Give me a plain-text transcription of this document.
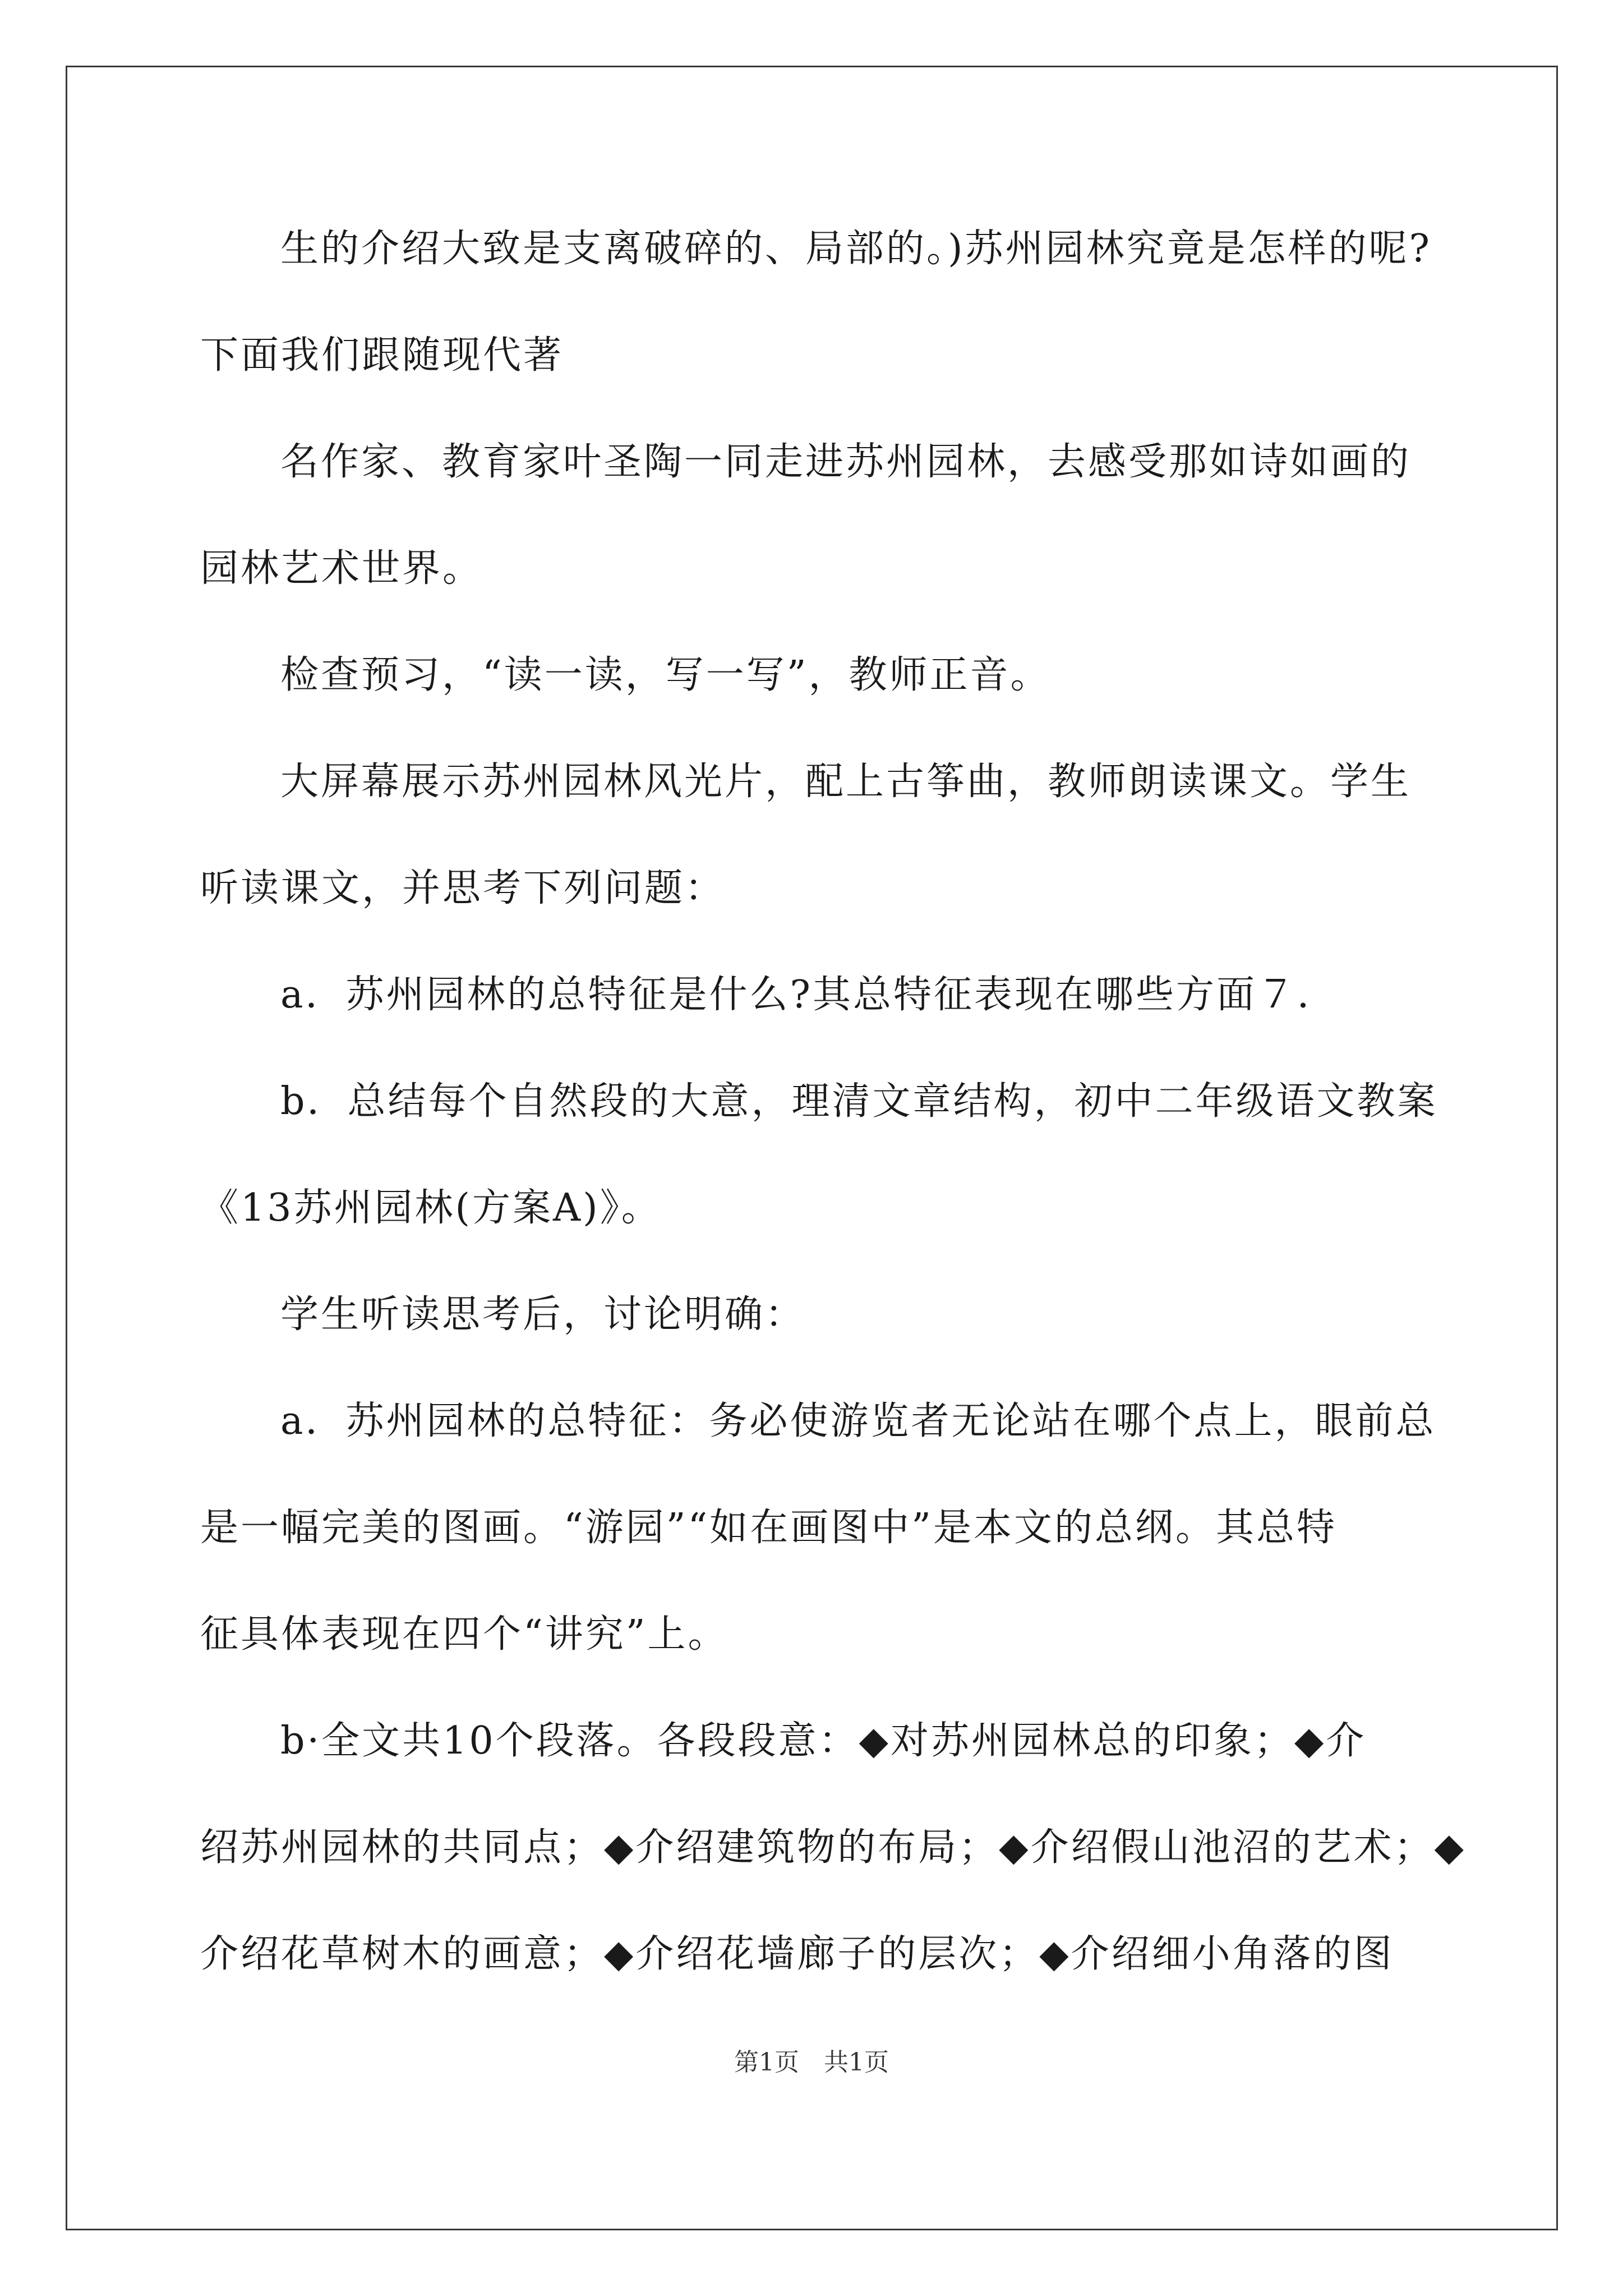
生的介绍大致是支离破碎的、局部的。)苏州园林究竟是怎样的呢?
下面我们跟随现代著
名作家、教育家叶圣陶一同走进苏州园林，去感受那如诗如画的
园林艺术世界。
检查预习，“读一读，写一写”，教师正音。
大屏幕展示苏州园林风光片，配上古筝曲，教师朗读课文。学生
听读课文，并思考下列问题：
a．苏州园林的总特征是什么?其总特征表现在哪些方面７．
b．总结每个自然段的大意，理清文章结构，初中二年级语文教案
《13苏州园林(方案A)》。
学生听读思考后，讨论明确：
a．苏州园林的总特征：务必使游览者无论站在哪个点上，眼前总
是一幅完美的图画。“游园”“如在画图中”是本文的总纲。其总特
征具体表现在四个“讲究”上。
b·全文共10个段落。各段段意：◆对苏州园林总的印象；◆介
绍苏州园林的共同点；◆介绍建筑物的布局；◆介绍假山池沼的艺术；◆
介绍花草树木的画意；◆介绍花墙廊子的层次；◆介绍细小角落的图
第1页　共1页
